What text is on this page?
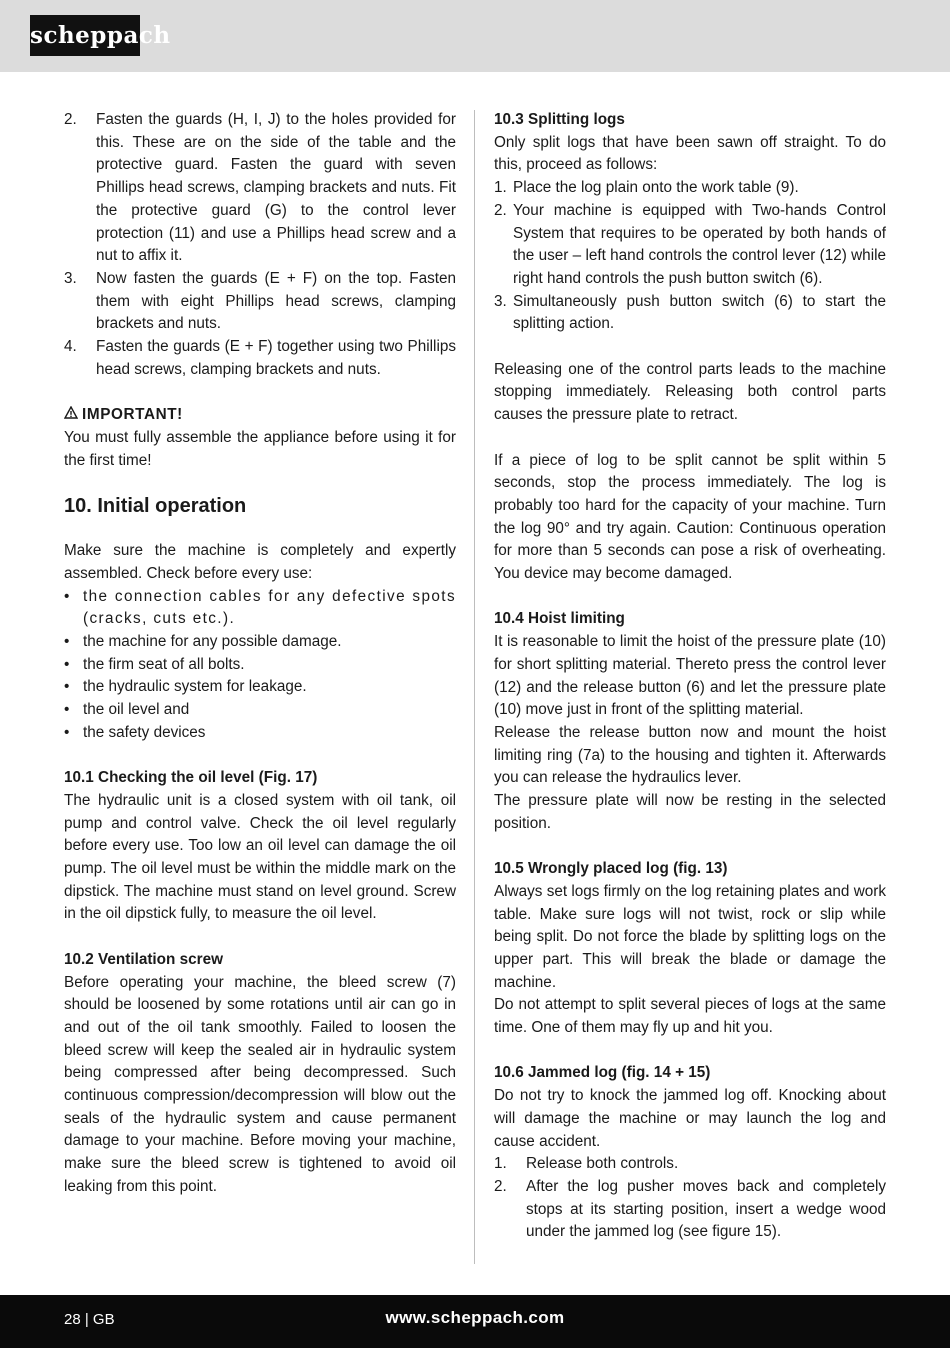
scheppach
2. Fasten the guards (H, I, J) to the holes provided for this. These are on the side of the table and the protective guard. Fasten the guard with seven Phillips head screws, clamping brackets and nuts. Fit the protective guard (G) to the control lever protection (11) and use a Phillips head screw and a nut to affix it.
3. Now fasten the guards (E + F) on the top. Fasten them with eight Phillips head screws, clamping brackets and nuts.
4. Fasten the guards (E + F) together using two Phillips head screws, clamping brackets and nuts.

IMPORTANT!

You must fully assemble the appliance before using it for the first time!

10. Initial operation

Make sure the machine is completely and expertly assembled. Check before every use:

• the connection cables for any defective spots (cracks, cuts etc.).
• the machine for any possible damage.
• the firm seat of all bolts.
• the hydraulic system for leakage.
• the oil level and
• the safety devices

10.1 Checking the oil level (Fig. 17)

The hydraulic unit is a closed system with oil tank, oil pump and control valve. Check the oil level regularly before every use. Too low an oil level can damage the oil pump. The oil level must be within the middle mark on the dipstick. The machine must stand on level ground. Screw in the oil dipstick fully, to measure the oil level.

10.2 Ventilation screw

Before operating your machine, the bleed screw (7) should be loosened by some rotations until air can go in and out of the oil tank smoothly. Failed to loosen the bleed screw will keep the sealed air in hydraulic system being compressed after being decompressed. Such continuous compression/decompression will blow out the seals of the hydraulic system and cause permanent damage to your machine. Before moving your machine, make sure the bleed screw is tightened to avoid oil leaking from this point.

10.3 Splitting logs

Only split logs that have been sawn off straight. To do this, proceed as follows:

1. Place the log plain onto the work table (9).
2. Your machine is equipped with Two-hands Control System that requires to be operated by both hands of the user – left hand controls the control lever (12) while right hand controls the push button switch (6).
3. Simultaneously push button switch (6) to start the splitting action.

Releasing one of the control parts leads to the machine stopping immediately. Releasing both control parts causes the pressure plate to retract.

If a piece of log to be split cannot be split within 5 seconds, stop the process immediately. The log is probably too hard for the capacity of your machine. Turn the log 90° and try again. Caution: Continuous operation for more than 5 seconds can pose a risk of overheating. You device may become damaged.

10.4 Hoist limiting

It is reasonable to limit the hoist of the pressure plate (10) for short splitting material. Thereto press the control lever (12) and the release button (6) and let the pressure plate (10) move just in front of the splitting material.

Release the release button now and mount the hoist limiting ring (7a) to the housing and tighten it. Afterwards you can release the hydraulics lever.

The pressure plate will now be resting in the selected position.

10.5 Wrongly placed log (fig. 13)

Always set logs firmly on the log retaining plates and work table. Make sure logs will not twist, rock or slip while being split. Do not force the blade by splitting logs on the upper part. This will break the blade or damage the machine.

Do not attempt to split several pieces of logs at the same time. One of them may fly up and hit you.

10.6 Jammed log (fig. 14 + 15)

Do not try to knock the jammed log off. Knocking about will damage the machine or may launch the log and cause accident.

1. Release both controls.
2. After the log pusher moves back and completely stops at its starting position, insert a wedge wood under the jammed log (see figure 15).
28 | GB	www.scheppach.com
